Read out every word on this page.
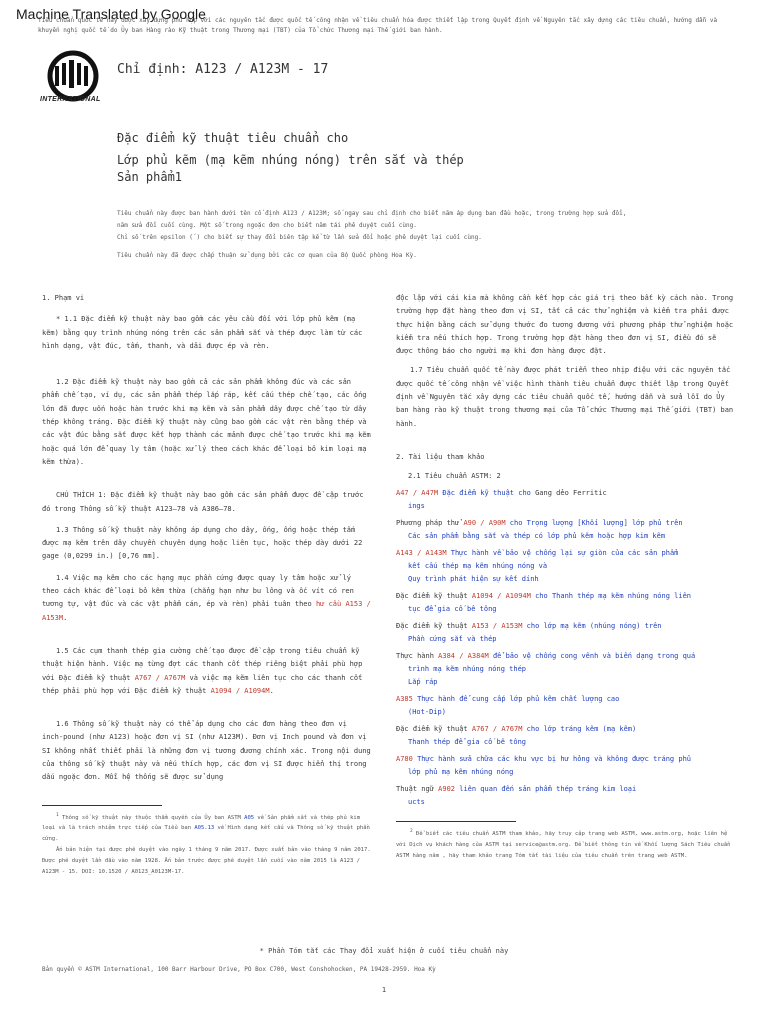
Machine Translated by Google
Tiêu chuẩn quốc tế này được xây dựng phù hợp với các nguyên tắc được quốc tế công nhận về tiêu chuẩn hóa được thiết lập trong Quyết định về Nguyên tắc xây dựng các tiêu chuẩn, hướng dẫn và khuyến nghị quốc tế do Ủy ban Hàng rào Kỹ thuật trong Thương mại (TBT) của Tổ chức Thương mại Thế giới ban hành.
INTERNATIONAL
Chỉ định: A123 / A123M - 17
Đặc điểm kỹ thuật tiêu chuẩn cho
Lớp phủ kẽm (mạ kẽm nhúng nóng) trên sắt và thép
Sản phẩm1

Tiêu chuẩn này được ban hành dưới tên cố định A123 / A123M; số ngay sau chỉ định cho biết năm áp dụng ban đầu hoặc, trong trường hợp sửa đổi,

năm sửa đổi cuối cùng. Một số trong ngoặc đơn cho biết năm tái phê duyệt cuối cùng.

Chỉ số trên epsilon (´) cho biết sự thay đổi biên tập kể từ lần sửa đổi hoặc phê duyệt lại cuối cùng.

Tiêu chuẩn này đã được chấp thuận sử dụng bởi các cơ quan của Bộ Quốc phòng Hoa Kỳ.

1. Phạm vi

* 1.1 Đặc điểm kỹ thuật này bao gồm các yêu cầu đối với lớp phủ kẽm (mạ kẽm) bằng quy trình nhúng nóng trên các sản phẩm sắt và thép được làm từ các hình dạng, vật đúc, tấm, thanh, và dải được ép và rèn.

1.2 Đặc điểm kỹ thuật này bao gồm cả các sản phẩm không đúc và các sản phẩm chế tạo, ví dụ, các sản phẩm thép lắp ráp, kết cấu thép chế tạo, các ống lớn đã được uốn hoặc hàn trước khi mạ kẽm và sản phẩm dây được chế tạo từ dây thép không tráng. Đặc điểm kỹ thuật này cũng bao gồm các vật rèn bằng thép và các vật đúc bằng sắt được kết hợp thành các mảnh được chế tạo trước khi mạ kẽm hoặc quá lớn để quay ly tâm (hoặc xử lý theo cách khác để loại bỏ kim loại mạ kẽm thừa).

CHÚ THÍCH 1: Đặc điểm kỹ thuật này bao gồm các sản phẩm được đề cập trước đó trong Thông số kỹ thuật A123–78 và A386–78.

1.3 Thông số kỹ thuật này không áp dụng cho dây, ống, ống hoặc thép tấm được mạ kẽm trên dây chuyền chuyên dụng hoặc liên tục, hoặc thép dày dưới 22 gage (0,0299 in.) [0,76 mm].

1.4 Việc mạ kẽm cho các hạng mục phần cứng được quay ly tâm hoặc xử lý theo cách khác để loại bỏ kẽm thừa (chẳng hạn như bu lông và ốc vít có ren tương tự, vật đúc và các vật phẩm cán, ép và rèn) phải tuân theo hư cầu A153 / A153M.

1.5 Các cụm thanh thép gia cường chế tạo được đề cập trong tiêu chuẩn kỹ thuật hiện hành. Việc mạ từng đợt các thanh cốt thép riêng biệt phải phù hợp với Đặc điểm kỹ thuật A767 / A767M và việc mạ kẽm liên tục cho các thanh cốt thép phải phù hợp với Đặc điểm kỹ thuật A1094 / A1094M.

1.6 Thông số kỹ thuật này có thể áp dụng cho các đơn hàng theo đơn vị inch-pound (như A123) hoặc đơn vị SI (như A123M). Đơn vị Inch pound và đơn vị SI không nhất thiết phải là những đơn vị tương đương chính xác. Trong nội dung của thông số kỹ thuật này và nếu thích hợp, các đơn vị SI được hiển thị trong dấu ngoặc đơn. Mỗi hệ thống sẽ được sử dụng

$^1$ Thông số kỹ thuật này thuộc thẩm quyền của Ủy ban ASTM A05 về Sản phẩm sắt và thép phủ kim loại và là trách nhiệm trực tiếp của Tiểu ban A05.13 về Hình dạng kết cấu và Thông số kỹ thuật phần cứng.

Ấn bản hiện tại được phê duyệt vào ngày 1 tháng 9 năm 2017. Được xuất bản vào tháng 9 năm 2017. Được phê duyệt lần đầu vào năm 1928. Ấn bản trước được phê duyệt lần cuối vào năm 2015 là A123 / A123M - 15. DOI: 10.1520 / A0123_A0123M-17.

độc lập với cái kia mà không cần kết hợp các giá trị theo bất kỳ cách nào. Trong trường hợp đặt hàng theo đơn vị SI, tất cả các thử nghiệm và kiểm tra phải được thực hiện bằng cách sử dụng thước đo tương đương với phương pháp thử nghiệm hoặc kiểm tra nếu thích hợp. Trong trường hợp đặt hàng theo đơn vị SI, điều đó sẽ được thông báo cho người mạ khi đơn hàng được đặt.

1.7 Tiêu chuẩn quốc tế này được phát triển theo nhịp điệu với các nguyên tắc được quốc tế công nhận về việc hình thành tiêu chuẩn được thiết lập trong Quyết định về Nguyên tắc xây dựng các tiêu chuẩn quốc tế, hướng dẫn và sửa lỗi do Ủy ban hàng rào kỹ thuật trong thương mại của Tổ chức Thương mại Thế giới (TBT) ban hành.

2. Tài liệu tham khảo

2.1 Tiêu chuẩn ASTM: 2

A47 / A47M Đặc điểm kỹ thuật cho Gang dẻo Ferritic

ings

Phương pháp thử A90 / A90M cho Trọng lượng [Khối lượng] lớp phủ trên

Các sản phẩm bằng sắt và thép có lớp phủ kẽm hoặc hợp kim kẽm

A143 / A143M Thực hành về bảo vệ chống lại sự giòn của các sản phẩm

kết cấu thép mạ kẽm nhúng nóng và

Quy trình phát hiện sự kết dính

Đặc điểm kỹ thuật A1094 / A1094M cho Thanh thép mạ kẽm nhúng nóng liên

tục để gia cố bê tông

Đặc điểm kỹ thuật A153 / A153M cho lớp mạ kẽm (nhúng nóng) trên

Phần cứng sắt và thép

Thực hành A384 / A384M để bảo vệ chống cong vênh và biến dạng trong quá

trình mạ kẽm nhúng nóng thép

Lắp ráp

A385 Thực hành để cung cấp lớp phủ kẽm chất lượng cao

(Hot-Dip)

Đặc điểm kỹ thuật A767 / A767M cho lớp tráng kẽm (mạ kẽm)

Thanh thép để gia cố bê tông

A780 Thực hành sửa chữa các khu vực bị hư hỏng và không được tráng phủ

lớp phủ mạ kẽm nhúng nóng

Thuật ngữ A902 liên quan đến sản phẩm thép tráng kim loại

ucts

$^2$ Để biết các tiêu chuẩn ASTM tham khảo, hãy truy cập trang web ASTM, www.astm.org, hoặc liên hệ với Dịch vụ khách hàng của ASTM tại service@astm.org. Để biết thông tin về Khối lượng Sách Tiêu chuẩn ASTM hàng năm , hãy tham khảo trang Tóm tắt tài liệu của tiêu chuẩn trên trang web ASTM.

* Phần Tóm tắt các Thay đổi xuất hiện ở cuối tiêu chuẩn này
Bản quyền © ASTM International, 100 Barr Harbour Drive, PO Box C700, West Conshohocken, PA 19428-2959. Hoa Kỳ
1
